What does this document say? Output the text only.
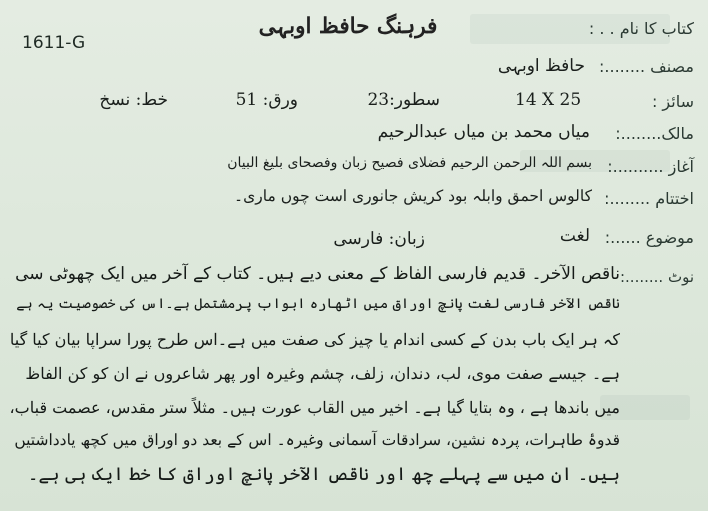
1611-G
فرہنگ حافظ اوبہی	کتاب کا نام . . :
حافظ اوبہی مصنف ........:
خط: نسخ	ورق: 51	سطور:23	14 X 25	سائز :
میاں محمد بن میاں عبدالرحیم	مالک........:
بسم اللہ الرحمن الرحیم فضلای فصیح زبان وفصحای بلیغ البیان آغاز ..........:
کالوس احمق وابلہ بود کریش جانوری است چوں ماری۔ اختتام ........:
زبان: فارسی	لغت موضوع ......:
نوٹ ........:
ناقص الآخر۔ قدیم فارسی الفاظ کے معنی دیے ہیں۔ کتاب کے آخر میں ایک چھوٹی سی
ناقص الآخر فارسی لغت پانچ اوراق میں اٹھارہ ابواب پرمشتمل ہے۔اس کی خصوصیت یہ ہے
کہ ہر ایک باب بدن کے کسی اندام یا چیز کی صفت میں ہے۔اس طرح پورا سراپا بیان کیا گیا
ہے۔ جیسے صفت موی، لب، دندان، زلف، چشم وغیرہ اور پھر شاعروں نے ان کو کن الفاظ
میں باندھا ہے ، وہ بتایا گیا ہے۔ اخیر میں القاب عورت ہیں۔ مثلاً ستر مقدس، عصمت قباب،
قدوۂ طاہرات، پردہ نشین، سرادقات آسمانی وغیرہ۔ اس کے بعد دو اوراق میں کچھ یادداشتیں
ہیں۔ ان میں سے پہلے چھ اور ناقص الآخر پانچ اوراق کا خط ایک ہی ہے۔
